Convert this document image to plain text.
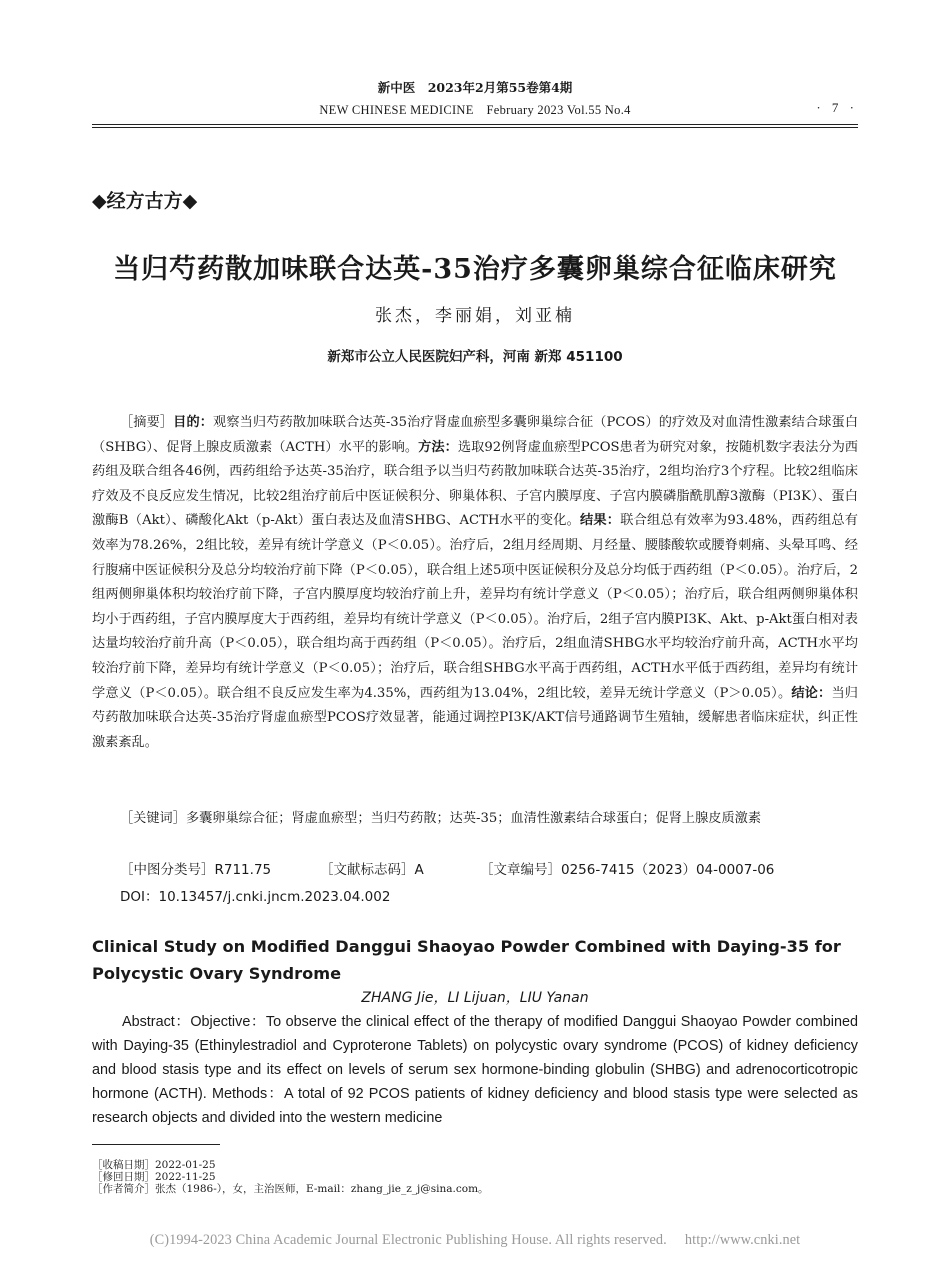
新中医　2023年2月第55卷第4期
NEW CHINESE MEDICINE　February 2023 Vol.55 No.4	· 7 ·
◆经方古方◆
当归芍药散加味联合达英-35治疗多囊卵巢综合征临床研究
张杰，李丽娟，刘亚楠
新郑市公立人民医院妇产科，河南 新郑 451100
［摘要］目的：观察当归芍药散加味联合达英-35治疗肾虚血瘀型多囊卵巢综合征（PCOS）的疗效及对血清性激素结合球蛋白（SHBG）、促肾上腺皮质激素（ACTH）水平的影响。方法：选取92例肾虚血瘀型PCOS患者为研究对象，按随机数字表法分为西药组及联合组各46例，西药组给予达英-35治疗，联合组予以当归芍药散加味联合达英-35治疗，2组均治疗3个疗程。比较2组临床疗效及不良反应发生情况，比较2组治疗前后中医证候积分、卵巢体积、子宫内膜厚度、子宫内膜磷脂酰肌醇3激酶（PI3K）、蛋白激酶B（Akt）、磷酸化Akt（p-Akt）蛋白表达及血清SHBG、ACTH水平的变化。结果：联合组总有效率为93.48%，西药组总有效率为78.26%，2组比较，差异有统计学意义（P＜0.05）。治疗后，2组月经周期、月经量、腰膝酸软或腰脊刺痛、头晕耳鸣、经行腹痛中医证候积分及总分均较治疗前下降（P＜0.05），联合组上述5项中医证候积分及总分均低于西药组（P＜0.05）。治疗后，2组两侧卵巢体积均较治疗前下降，子宫内膜厚度均较治疗前上升，差异均有统计学意义（P＜0.05）；治疗后，联合组两侧卵巢体积均小于西药组，子宫内膜厚度大于西药组，差异均有统计学意义（P＜0.05）。治疗后，2组子宫内膜PI3K、Akt、p-Akt蛋白相对表达量均较治疗前升高（P＜0.05），联合组均高于西药组（P＜0.05）。治疗后，2组血清SHBG水平均较治疗前升高，ACTH水平均较治疗前下降，差异均有统计学意义（P＜0.05）；治疗后，联合组SHBG水平高于西药组，ACTH水平低于西药组，差异均有统计学意义（P＜0.05）。联合组不良反应发生率为4.35%，西药组为13.04%，2组比较，差异无统计学意义（P＞0.05）。结论：当归芍药散加味联合达英-35治疗肾虚血瘀型PCOS疗效显著，能通过调控PI3K/AKT信号通路调节生殖轴，缓解患者临床症状，纠正性激素紊乱。
［关键词］多囊卵巢综合征；肾虚血瘀型；当归芍药散；达英-35；血清性激素结合球蛋白；促肾上腺皮质激素
［中图分类号］R711.75	［文献标志码］A	［文章编号］0256-7415（2023）04-0007-06
DOI：10.13457/j.cnki.jncm.2023.04.002
Clinical Study on Modified Danggui Shaoyao Powder Combined with Daying-35 for Polycystic Ovary Syndrome
ZHANG Jie，LI Lijuan，LIU Yanan
Abstract：Objective：To observe the clinical effect of the therapy of modified Danggui Shaoyao Powder combined with Daying-35 (Ethinylestradiol and Cyproterone Tablets) on polycystic ovary syndrome (PCOS) of kidney deficiency and blood stasis type and its effect on levels of serum sex hormone-binding globulin (SHBG) and adrenocorticotropic hormone (ACTH). Methods：A total of 92 PCOS patients of kidney deficiency and blood stasis type were selected as research objects and divided into the western medicine
［收稿日期］2022-01-25
［修回日期］2022-11-25
［作者简介］张杰（1986-），女，主治医师，E-mail：zhang_jie_z_j@sina.com。
(C)1994-2023 China Academic Journal Electronic Publishing House. All rights reserved.　 http://www.cnki.net
